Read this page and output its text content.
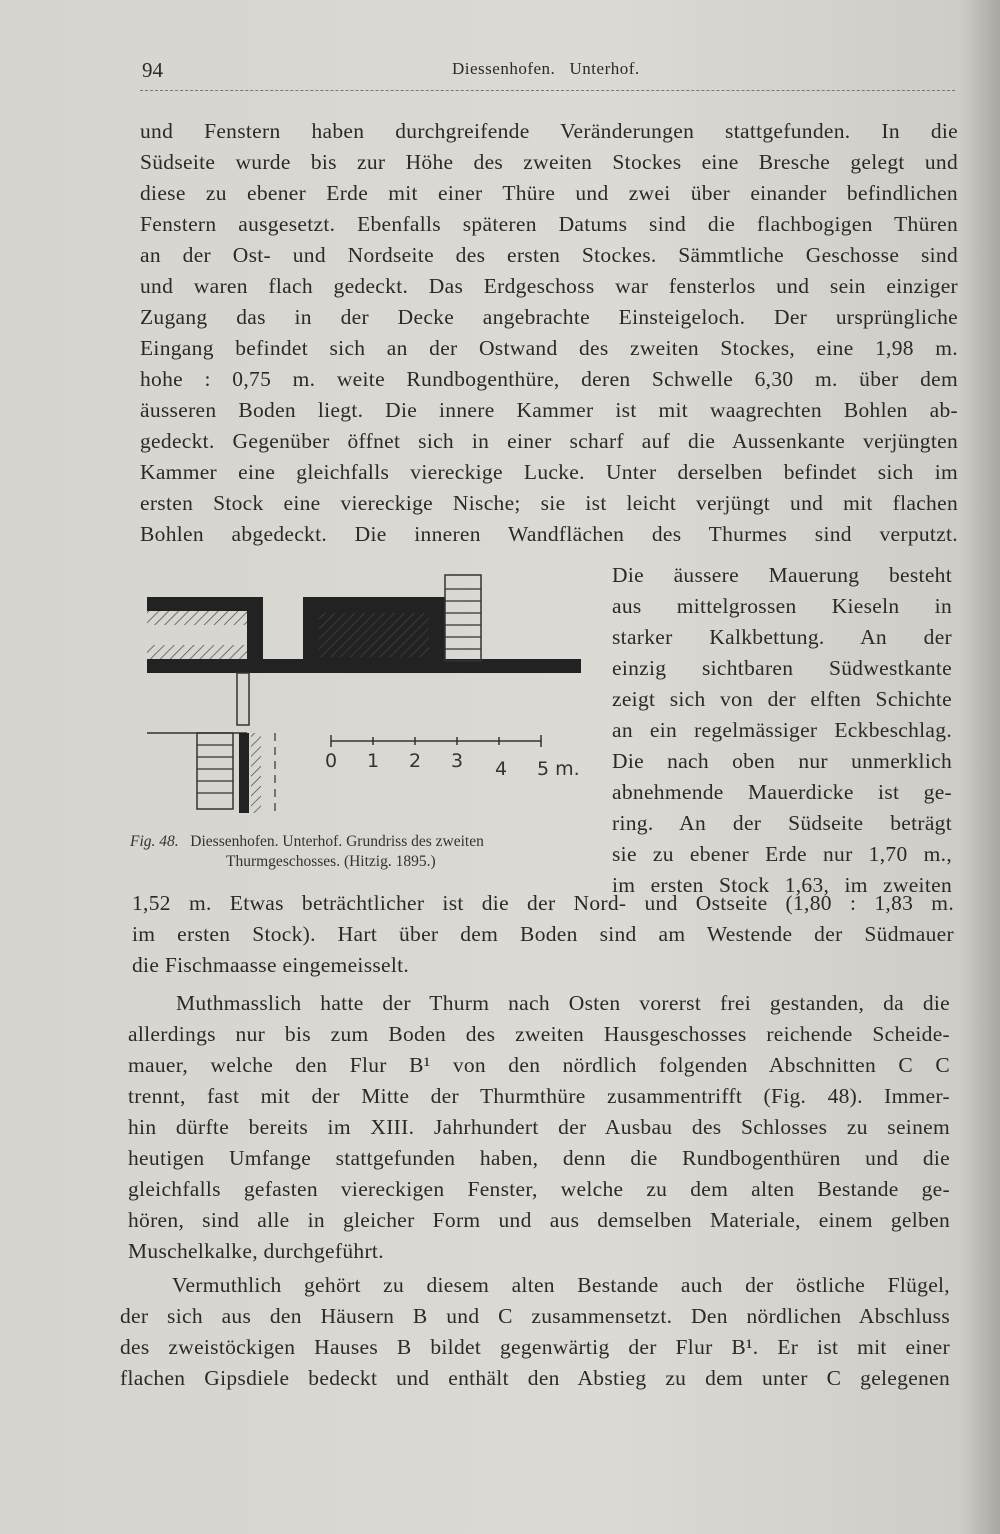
94	Diessenhofen.   Unterhof.
und Fenstern haben durchgreifende Veränderungen stattgefunden. In die
Südseite wurde bis zur Höhe des zweiten Stockes eine Bresche gelegt und
diese zu ebener Erde mit einer Thüre und zwei über einander befindlichen
Fenstern ausgesetzt. Ebenfalls späteren Datums sind die flachbogigen Thüren
an der Ost- und Nordseite des ersten Stockes. Sämmtliche Geschosse sind
und waren flach gedeckt. Das Erdgeschoss war fensterlos und sein einziger
Zugang das in der Decke angebrachte Einsteigeloch. Der ursprüngliche
Eingang befindet sich an der Ostwand des zweiten Stockes, eine 1,98 m.
hohe : 0,75 m. weite Rundbogenthüre, deren Schwelle 6,30 m. über dem
äusseren Boden liegt. Die innere Kammer ist mit waagrechten Bohlen ab-
gedeckt. Gegenüber öffnet sich in einer scharf auf die Aussenkante verjüngten
Kammer eine gleichfalls viereckige Lucke. Unter derselben befindet sich im
ersten Stock eine viereckige Nische; sie ist leicht verjüngt und mit flachen
Bohlen abgedeckt. Die inneren Wandflächen des Thurmes sind verputzt.
Die äussere Mauerung besteht
aus mittelgrossen Kieseln in
starker Kalkbettung. An der
einzig sichtbaren Südwestkante
zeigt sich von der elften Schichte
an ein regelmässiger Eckbeschlag.
Die nach oben nur unmerklich
abnehmende Mauerdicke ist ge-
ring. An der Südseite beträgt
sie zu ebener Erde nur 1,70 m.,
im ersten Stock 1,63, im zweiten
0 1 2 3 4 5 m.
Fig. 48. Diessenhofen. Unterhof. Grundriss des zweiten
Thurmgeschosses. (Hitzig. 1895.)
1,52 m. Etwas beträchtlicher ist die der Nord- und Ostseite (1,80 : 1,83 m.
im ersten Stock). Hart über dem Boden sind am Westende der Südmauer
die Fischmaasse eingemeisselt.
Muthmasslich hatte der Thurm nach Osten vorerst frei gestanden, da die
allerdings nur bis zum Boden des zweiten Hausgeschosses reichende Scheide-
mauer, welche den Flur B¹ von den nördlich folgenden Abschnitten C C
trennt, fast mit der Mitte der Thurmthüre zusammentrifft (Fig. 48). Immer-
hin dürfte bereits im XIII. Jahrhundert der Ausbau des Schlosses zu seinem
heutigen Umfange stattgefunden haben, denn die Rundbogenthüren und die
gleichfalls gefasten viereckigen Fenster, welche zu dem alten Bestande ge-
hören, sind alle in gleicher Form und aus demselben Materiale, einem gelben
Muschelkalke, durchgeführt.
Vermuthlich gehört zu diesem alten Bestande auch der östliche Flügel,
der sich aus den Häusern B und C zusammensetzt. Den nördlichen Abschluss
des zweistöckigen Hauses B bildet gegenwärtig der Flur B¹. Er ist mit einer
flachen Gipsdiele bedeckt und enthält den Abstieg zu dem unter C gelegenen
